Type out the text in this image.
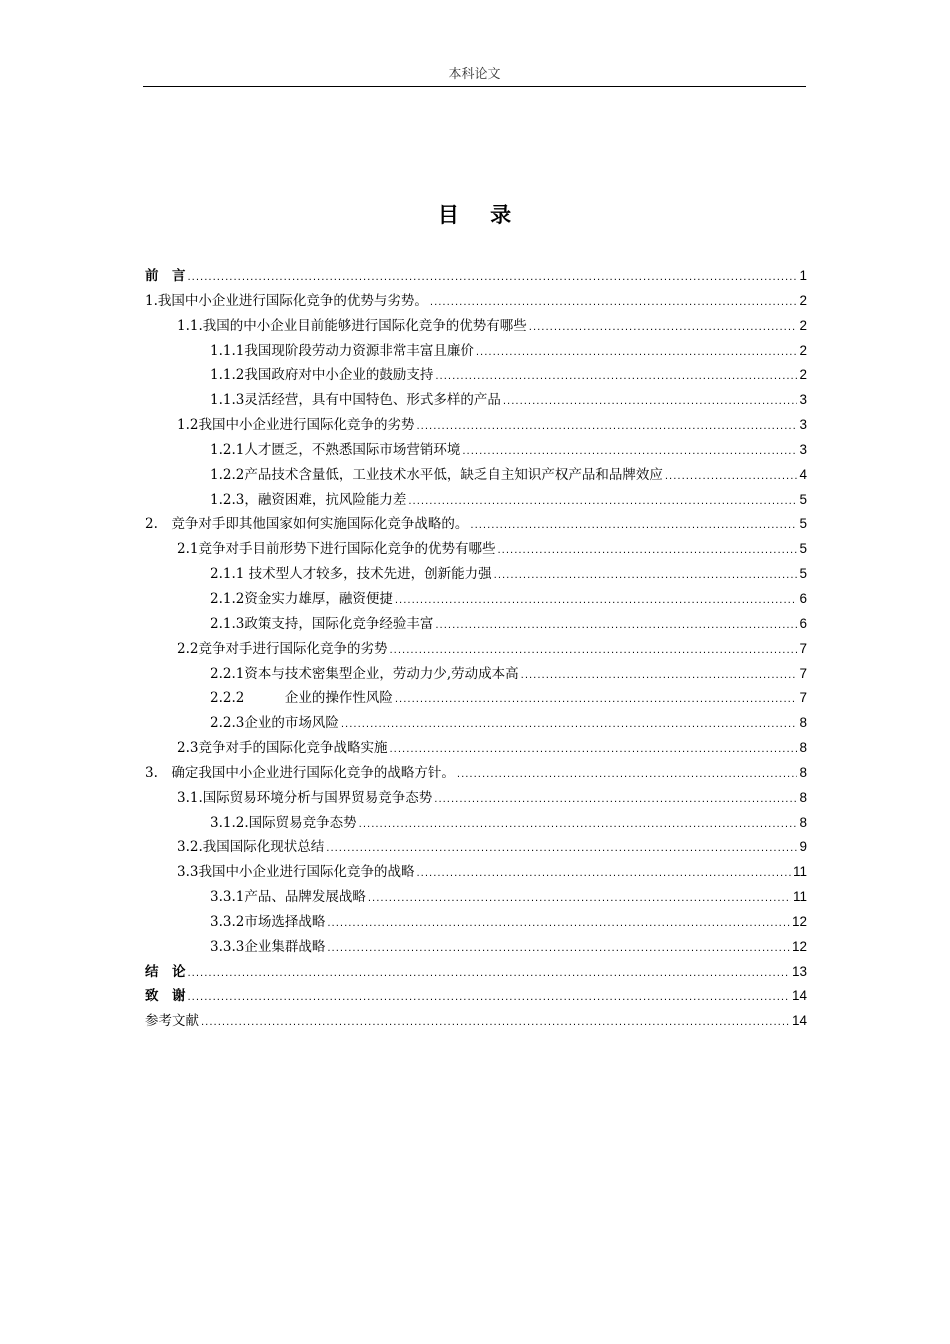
本科论文
目 录
前　言 .....	1
1.我国中小企业进行国际化竞争的优势与劣势。 .....	2
1.1.我国的中小企业目前能够进行国际化竞争的优势有哪些 .....	2
1.1.1我国现阶段劳动力资源非常丰富且廉价 .....	2
1.1.2我国政府对中小企业的鼓励支持 .....	2
1.1.3灵活经营，具有中国特色、形式多样的产品 .....	3
1.2我国中小企业进行国际化竞争的劣势 .....	3
1.2.1人才匮乏，不熟悉国际市场营销环境 .....	3
1.2.2产品技术含量低，工业技术水平低，缺乏自主知识产权产品和品牌效应 .....	4
1.2.3，融资困难，抗风险能力差 .....	5
2.　竞争对手即其他国家如何实施国际化竞争战略的。 .....	5
2.1竞争对手目前形势下进行国际化竞争的优势有哪些 .....	5
2.1.1 技术型人才较多，技术先进，创新能力强 .....	5
2.1.2资金实力雄厚，融资便捷 .....	6
2.1.3政策支持，国际化竞争经验丰富 .....	6
2.2竞争对手进行国际化竞争的劣势 .....	7
2.2.1资本与技术密集型企业，劳动力少,劳动成本高 .....	7
2.2.2　　　企业的操作性风险 .....	7
2.2.3企业的市场风险 .....	8
2.3竞争对手的国际化竞争战略实施 .....	8
3.　确定我国中小企业进行国际化竞争的战略方针。 .....	8
3.1.国际贸易环境分析与国界贸易竞争态势 .....	8
3.1.2.国际贸易竞争态势 .....	8
3.2.我国国际化现状总结 .....	9
3.3我国中小企业进行国际化竞争的战略 .....	11
3.3.1产品、品牌发展战略 .....	11
3.3.2市场选择战略 .....	12
3.3.3企业集群战略 .....	12
结　论 .....	13
致　谢 .....	14
参考文献 .....	14
